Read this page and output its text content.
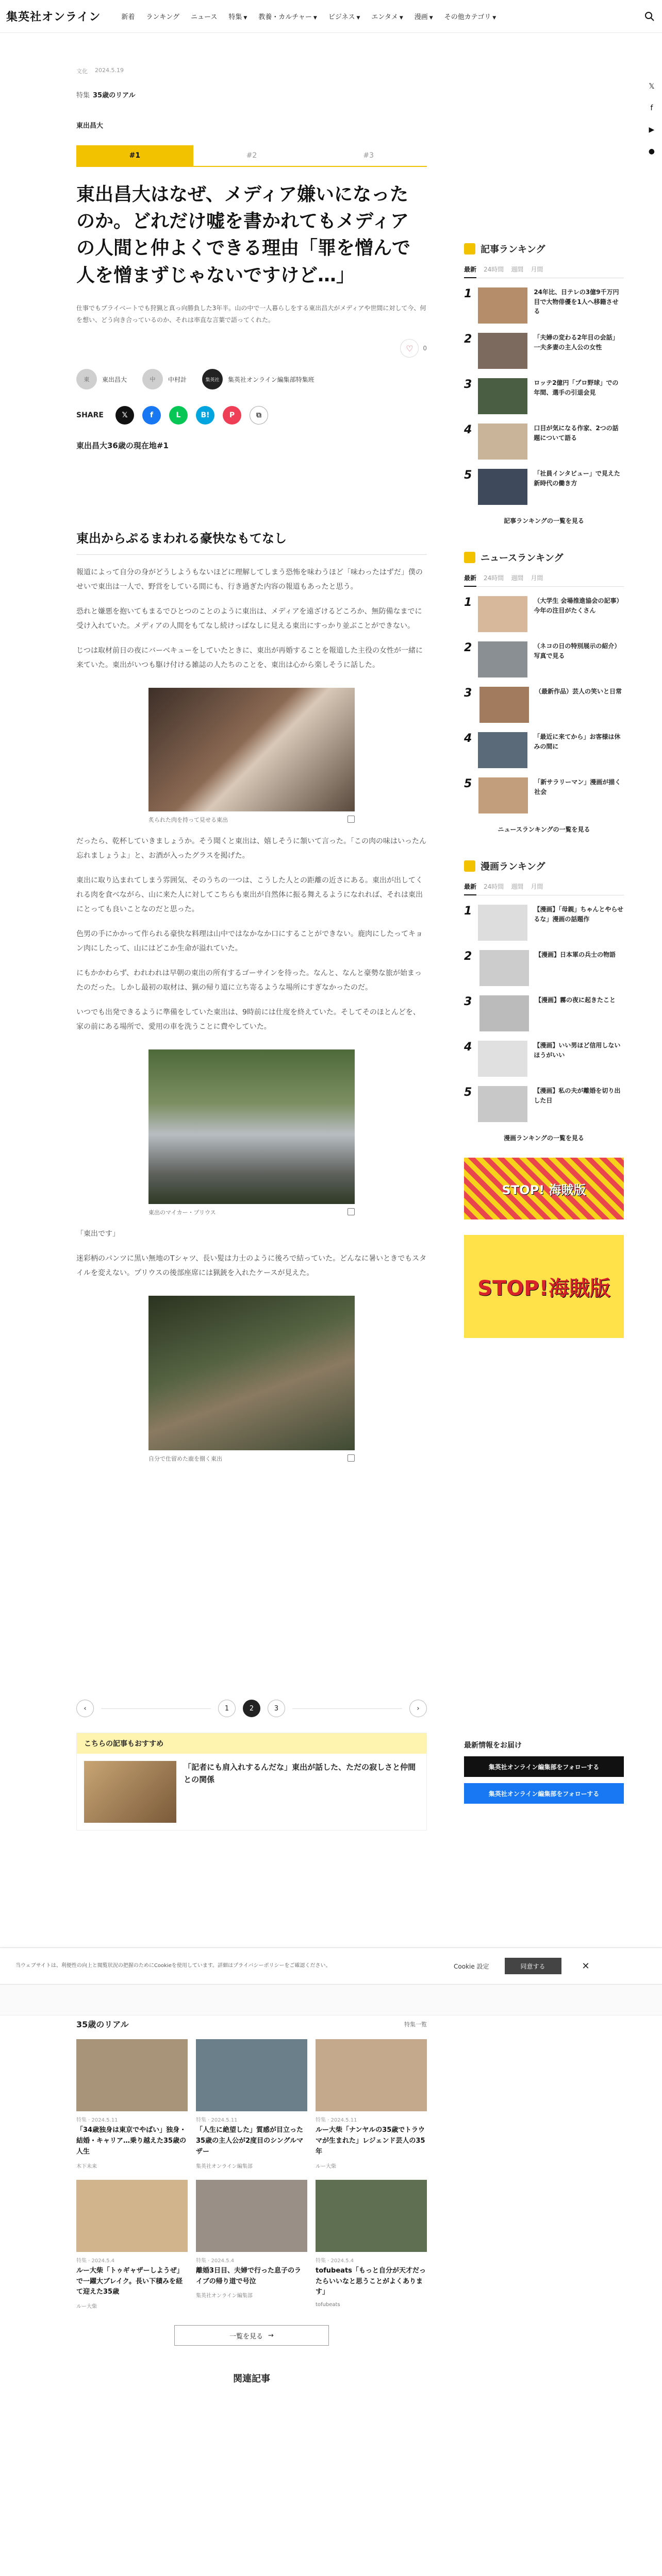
集英社オンライン	新着 ランキング ニュース 特集 ▼ 教養・カルチャー ▼ ビジネス ▼ エンタメ ▼ 漫画 ▼ その他カテゴリ ▼
𝕏
f
▶
●
文化 2024.5.19
特集 35歳のリアル
東出昌大
#1	#2	#3
東出昌大はなぜ、メディア嫌いになったのか。どれだけ嘘を書かれてもメディアの人間と仲よくできる理由「罪を憎んで人を憎まずじゃないですけど…」

仕事でもプライベートでも狩猟と真っ向勝負した3年半。山の中で一人暮らしをする東出昌大がメディアや世間に対して今、何を想い、どう向き合っているのか、それは率直な言葉で語ってくれた。

♡ 0
東	東出昌大	中	中村計	集英社	集英社オンライン編集部特集班
SHARE	𝕏	f	L	B!	P	⧉
東出昌大36歳の現在地#1
東出からぷるまわれる豪快なもてなし

報道によって自分の身がどうしようもないほどに理解してしまう恐怖を味わうほど「味わったはずだ」僕のせいで東出は一人で、野営をしている間にも、行き過ぎた内容の報道もあったと思う。

恐れと嫌悪を抱いてもまるでひとつのことのように東出は、メディアを遠ざけるどころか、無防備なまでに受け入れていた。メディアの人間をもてなし続けっぱなしに見える東出にすっかり並ぶことができない。

じつは取材前日の夜にバーベキューをしていたときに、東出が再婚することを報道した主役の女性が一緒に来ていた。東出がいつも駆け付ける雑誌の人たちのことを、東出は心から楽しそうに話した。

炙られた肉を持って見せる東出

だったら、乾杯していきましょうか。そう聞くと東出は、嬉しそうに頷いて言った。「この肉の味はいったん忘れましょうよ」と、お酒が入ったグラスを掲げた。

東出に取り込まれてしまう雰囲気、そのうちの一つは、こうした人との距離の近さにある。東出が出してくれる肉を食べながら、山に来た人に対してこちらも東出が自然体に振る舞えるようになれれば、それは東出にとっても良いことなのだと思った。

色男の手にかかって作られる豪快な料理は山中ではなかなか口にすることができない。鹿肉にしたってキョン肉にしたって、山にはどこか生命が溢れていた。

にもかかわらず、われわれは早朝の東出の所有するゴーサインを待った。なんと、なんと豪勢な旅が始まったのだった。しかし最初の取材は、猟の帰り道に立ち寄るような場所にすぎなかったのだ。

いつでも出発できるように準備をしていた東出は、9時前には仕度を終えていた。そしてそのほとんどを、家の前にある場所で、愛用の車を洗うことに費やしていた。

東出のマイカー・プリウス

「東出です」

迷彩柄のパンツに黒い無地のTシャツ、長い髪は力士のように後ろで結っていた。どんなに暑いときでもスタイルを変えない。プリウスの後部座席には猟銃を入れたケースが見えた。

自分で仕留めた鹿を捌く東出
‹	1	2	3	›
こちらの記事もおすすめ
「記者にも肩入れするんだな」東出が話した、ただの寂しさと仲間との関係
35歳のリアル	特集一覧
特集 · 2024.5.11
「34歳独身は東京でやばい」独身・結婚・キャリア…乗り越えた35歳の人生
木下未来
特集 · 2024.5.11
「人生に絶望した」質感が目立った35歳の主人公が2度目のシングルマザー
集英社オンライン編集部
特集 · 2024.5.11
ルー大柴「ナンヤルの35歳でトラウマが生まれた」レジェンド芸人の35年
ルー大柴
特集 · 2024.5.4
ルー大柴「トゥギャザーしようぜ」で一躍大ブレイク。長い下積みを経て迎えた35歳
ルー大柴
特集 · 2024.5.4
離婚3日目、夫婦で行った息子のライブの帰り道で号泣
集英社オンライン編集部
特集 · 2024.5.4
tofubeats「もっと自分が天才だったらいいなと思うことがよくあります」
tofubeats
一覧を見る →
関連記事
記事ランキング
最新 24時間 週間 月間
1	24年比、日テレの3億9千万円目で大物俳優を1人へ移籍させる
2	「夫婦の変わる2年目の会話」一夫多妻の主人公の女性
3	ロッテ2億円「プロ野球」での年間、選手の引退会見
4	口目が気になる作家、2つの話題について語る
5	「社員インタビュー」で見えた新時代の働き方
記事ランキングの一覧を見る
ニュースランキング
最新 24時間 週間 月間
1	（大学生 会場推進協会の記事）今年の注目がたくさん
2	（ネコの日の特別展示の紹介）写真で見る
3	（最新作品）芸人の笑いと日常
4	「最近に来てから」お客様は休みの間に
5	「新サラリーマン」漫画が描く社会
ニュースランキングの一覧を見る
漫画ランキング
最新 24時間 週間 月間
1	【漫画】「母親」ちゃんとやらせるな」漫画の話題作
2	【漫画】日本軍の兵士の物語
3	【漫画】霧の夜に起きたこと
4	【漫画】いい男ほど信用しないほうがいい
5	【漫画】私の夫が離婚を切り出した日
漫画ランキングの一覧を見る
STOP! 海賊版
STOP!海賊版
最新情報をお届け
集英社オンライン編集部をフォローする
集英社オンライン編集部をフォローする

当ウェブサイトは、利便性の向上と閲覧状況の把握のためにCookieを使用しています。詳細はプライバシーポリシーをご確認ください。	Cookie 設定	同意する	✕
